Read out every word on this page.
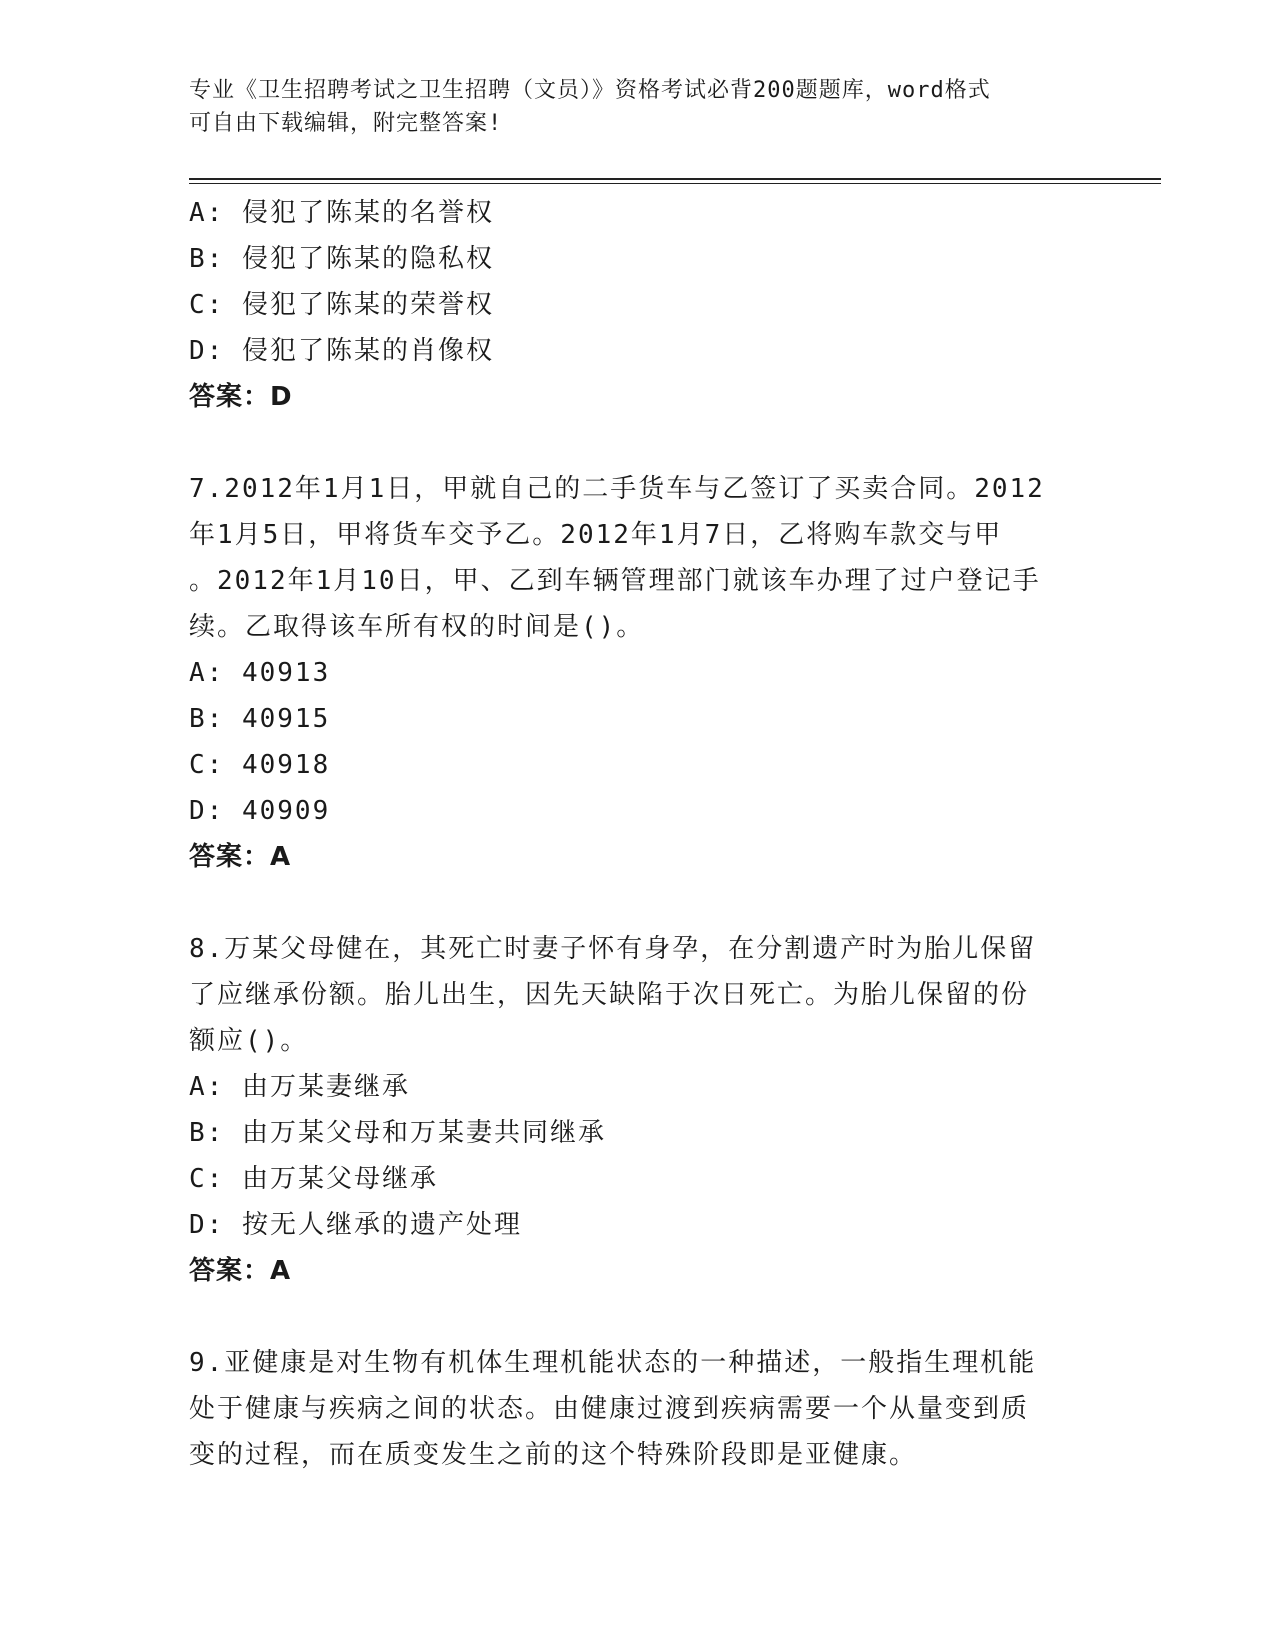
专业《卫生招聘考试之卫生招聘（文员）》资格考试必背200题题库，word格式
可自由下载编辑，附完整答案!
A: 侵犯了陈某的名誉权
B: 侵犯了陈某的隐私权
C: 侵犯了陈某的荣誉权
D: 侵犯了陈某的肖像权
答案：D
7.2012年1月1日，甲就自己的二手货车与乙签订了买卖合同。2012
年1月5日，甲将货车交予乙。2012年1月7日，乙将购车款交与甲
。2012年1月10日，甲、乙到车辆管理部门就该车办理了过户登记手
续。乙取得该车所有权的时间是()。
A: 40913
B: 40915
C: 40918
D: 40909
答案：A
8.万某父母健在，其死亡时妻子怀有身孕，在分割遗产时为胎儿保留
了应继承份额。胎儿出生，因先天缺陷于次日死亡。为胎儿保留的份
额应()。
A: 由万某妻继承
B: 由万某父母和万某妻共同继承
C: 由万某父母继承
D: 按无人继承的遗产处理
答案：A
9.亚健康是对生物有机体生理机能状态的一种描述，一般指生理机能
处于健康与疾病之间的状态。由健康过渡到疾病需要一个从量变到质
变的过程，而在质变发生之前的这个特殊阶段即是亚健康。
